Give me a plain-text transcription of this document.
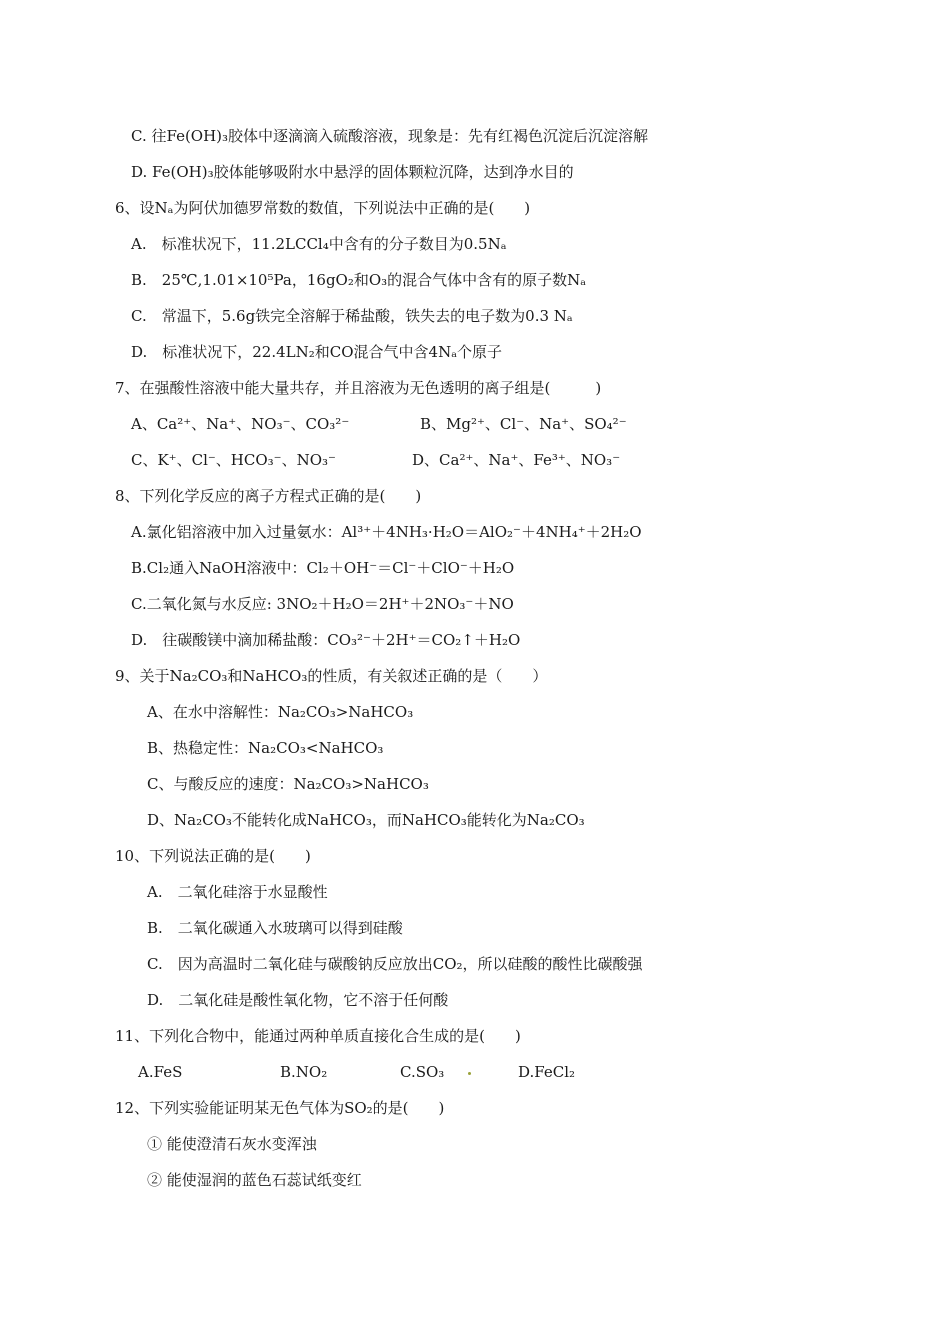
C. 往Fe(OH)₃胶体中逐滴滴入硫酸溶液，现象是：先有红褐色沉淀后沉淀溶解
D. Fe(OH)₃胶体能够吸附水中悬浮的固体颗粒沉降，达到净水目的
6、设Nₐ为阿伏加德罗常数的数值，下列说法中正确的是(　　)
A.　标准状况下，11.2LCCl₄中含有的分子数目为0.5Nₐ
B.　25℃,1.01×10⁵Pa，16gO₂和O₃的混合气体中含有的原子数Nₐ
C.　常温下，5.6g铁完全溶解于稀盐酸，铁失去的电子数为0.3 Nₐ
D.　标准状况下，22.4LN₂和CO混合气中含4Nₐ个原子
7、在强酸性溶液中能大量共存，并且溶液为无色透明的离子组是(　　　)
A、Ca²⁺、Na⁺、NO₃⁻、CO₃²⁻	B、Mg²⁺、Cl⁻、Na⁺、SO₄²⁻
C、K⁺、Cl⁻、HCO₃⁻、NO₃⁻	D、Ca²⁺、Na⁺、Fe³⁺、NO₃⁻
8、下列化学反应的离子方程式正确的是(　　)
A.氯化铝溶液中加入过量氨水：Al³⁺＋4NH₃·H₂O＝AlO₂⁻＋4NH₄⁺＋2H₂O
B.Cl₂通入NaOH溶液中：Cl₂＋OH⁻＝Cl⁻＋ClO⁻＋H₂O
C.二氧化氮与水反应: 3NO₂＋H₂O＝2H⁺＋2NO₃⁻＋NO
D.　往碳酸镁中滴加稀盐酸：CO₃²⁻＋2H⁺＝CO₂↑＋H₂O
9、关于Na₂CO₃和NaHCO₃的性质，有关叙述正确的是（　　）
A、在水中溶解性：Na₂CO₃>NaHCO₃
B、热稳定性：Na₂CO₃<NaHCO₃
C、与酸反应的速度：Na₂CO₃>NaHCO₃
D、Na₂CO₃不能转化成NaHCO₃，而NaHCO₃能转化为Na₂CO₃
10、下列说法正确的是(　　)
A.　二氧化硅溶于水显酸性
B.　二氧化碳通入水玻璃可以得到硅酸
C.　因为高温时二氧化硅与碳酸钠反应放出CO₂，所以硅酸的酸性比碳酸强
D.　二氧化硅是酸性氧化物，它不溶于任何酸
11、下列化合物中，能通过两种单质直接化合生成的是(　　)
A.FeS	B.NO₂	C.SO₃	D.FeCl₂
12、下列实验能证明某无色气体为SO₂的是(　　)
① 能使澄清石灰水变浑浊
② 能使湿润的蓝色石蕊试纸变红
